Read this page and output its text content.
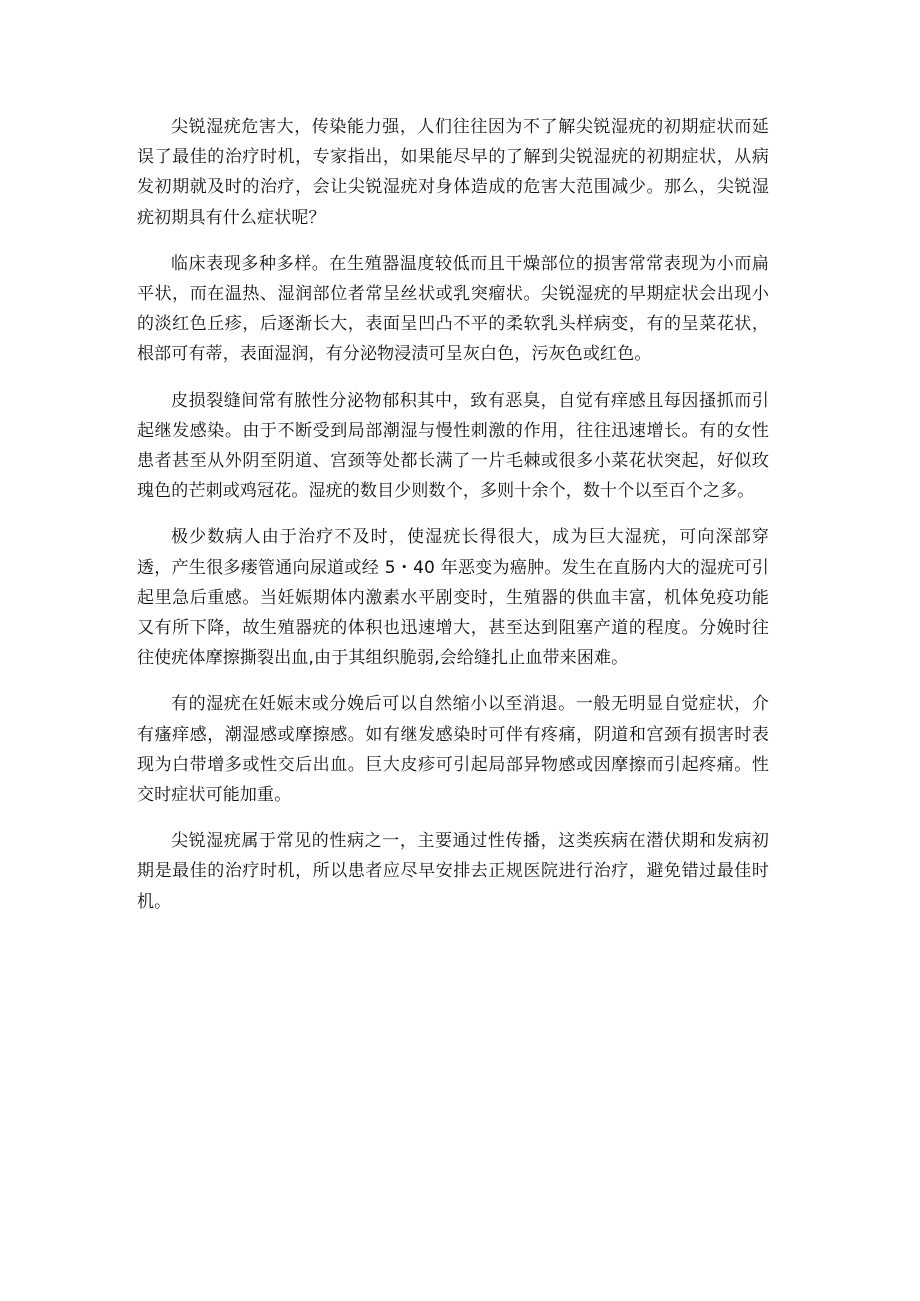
尖锐湿疣危害大，传染能力强，人们往往因为不了解尖锐湿疣的初期症状而延误了最佳的治疗时机，专家指出，如果能尽早的了解到尖锐湿疣的初期症状，从病发初期就及时的治疗，会让尖锐湿疣对身体造成的危害大范围减少。那么，尖锐湿疣初期具有什么症状呢？

临床表现多种多样。在生殖器温度较低而且干燥部位的损害常常表现为小而扁平状，而在温热、湿润部位者常呈丝状或乳突瘤状。尖锐湿疣的早期症状会出现小的淡红色丘疹，后逐渐长大，表面呈凹凸不平的柔软乳头样病变，有的呈菜花状，根部可有蒂，表面湿润，有分泌物浸渍可呈灰白色，污灰色或红色。

皮损裂缝间常有脓性分泌物郁积其中，致有恶臭，自觉有痒感且每因搔抓而引起继发感染。由于不断受到局部潮湿与慢性刺激的作用，往往迅速增长。有的女性患者甚至从外阴至阴道、宫颈等处都长满了一片毛棘或很多小菜花状突起，好似玫瑰色的芒刺或鸡冠花。湿疣的数目少则数个，多则十余个，数十个以至百个之多。

极少数病人由于治疗不及时，使湿疣长得很大，成为巨大湿疣，可向深部穿透，产生很多瘘管通向尿道或经 5・40 年恶变为癌肿。发生在直肠内大的湿疣可引起里急后重感。当妊娠期体内激素水平剧变时，生殖器的供血丰富，机体免疫功能又有所下降，故生殖器疣的体积也迅速增大，甚至达到阻塞产道的程度。分娩时往往使疣体摩擦撕裂出血,由于其组织脆弱,会给缝扎止血带来困难。

有的湿疣在妊娠末或分娩后可以自然缩小以至消退。一般无明显自觉症状，介有瘙痒感，潮湿感或摩擦感。如有继发感染时可伴有疼痛，阴道和宫颈有损害时表现为白带增多或性交后出血。巨大皮疹可引起局部异物感或因摩擦而引起疼痛。性交时症状可能加重。

尖锐湿疣属于常见的性病之一，主要通过性传播，这类疾病在潜伏期和发病初期是最佳的治疗时机，所以患者应尽早安排去正规医院进行治疗，避免错过最佳时机。
